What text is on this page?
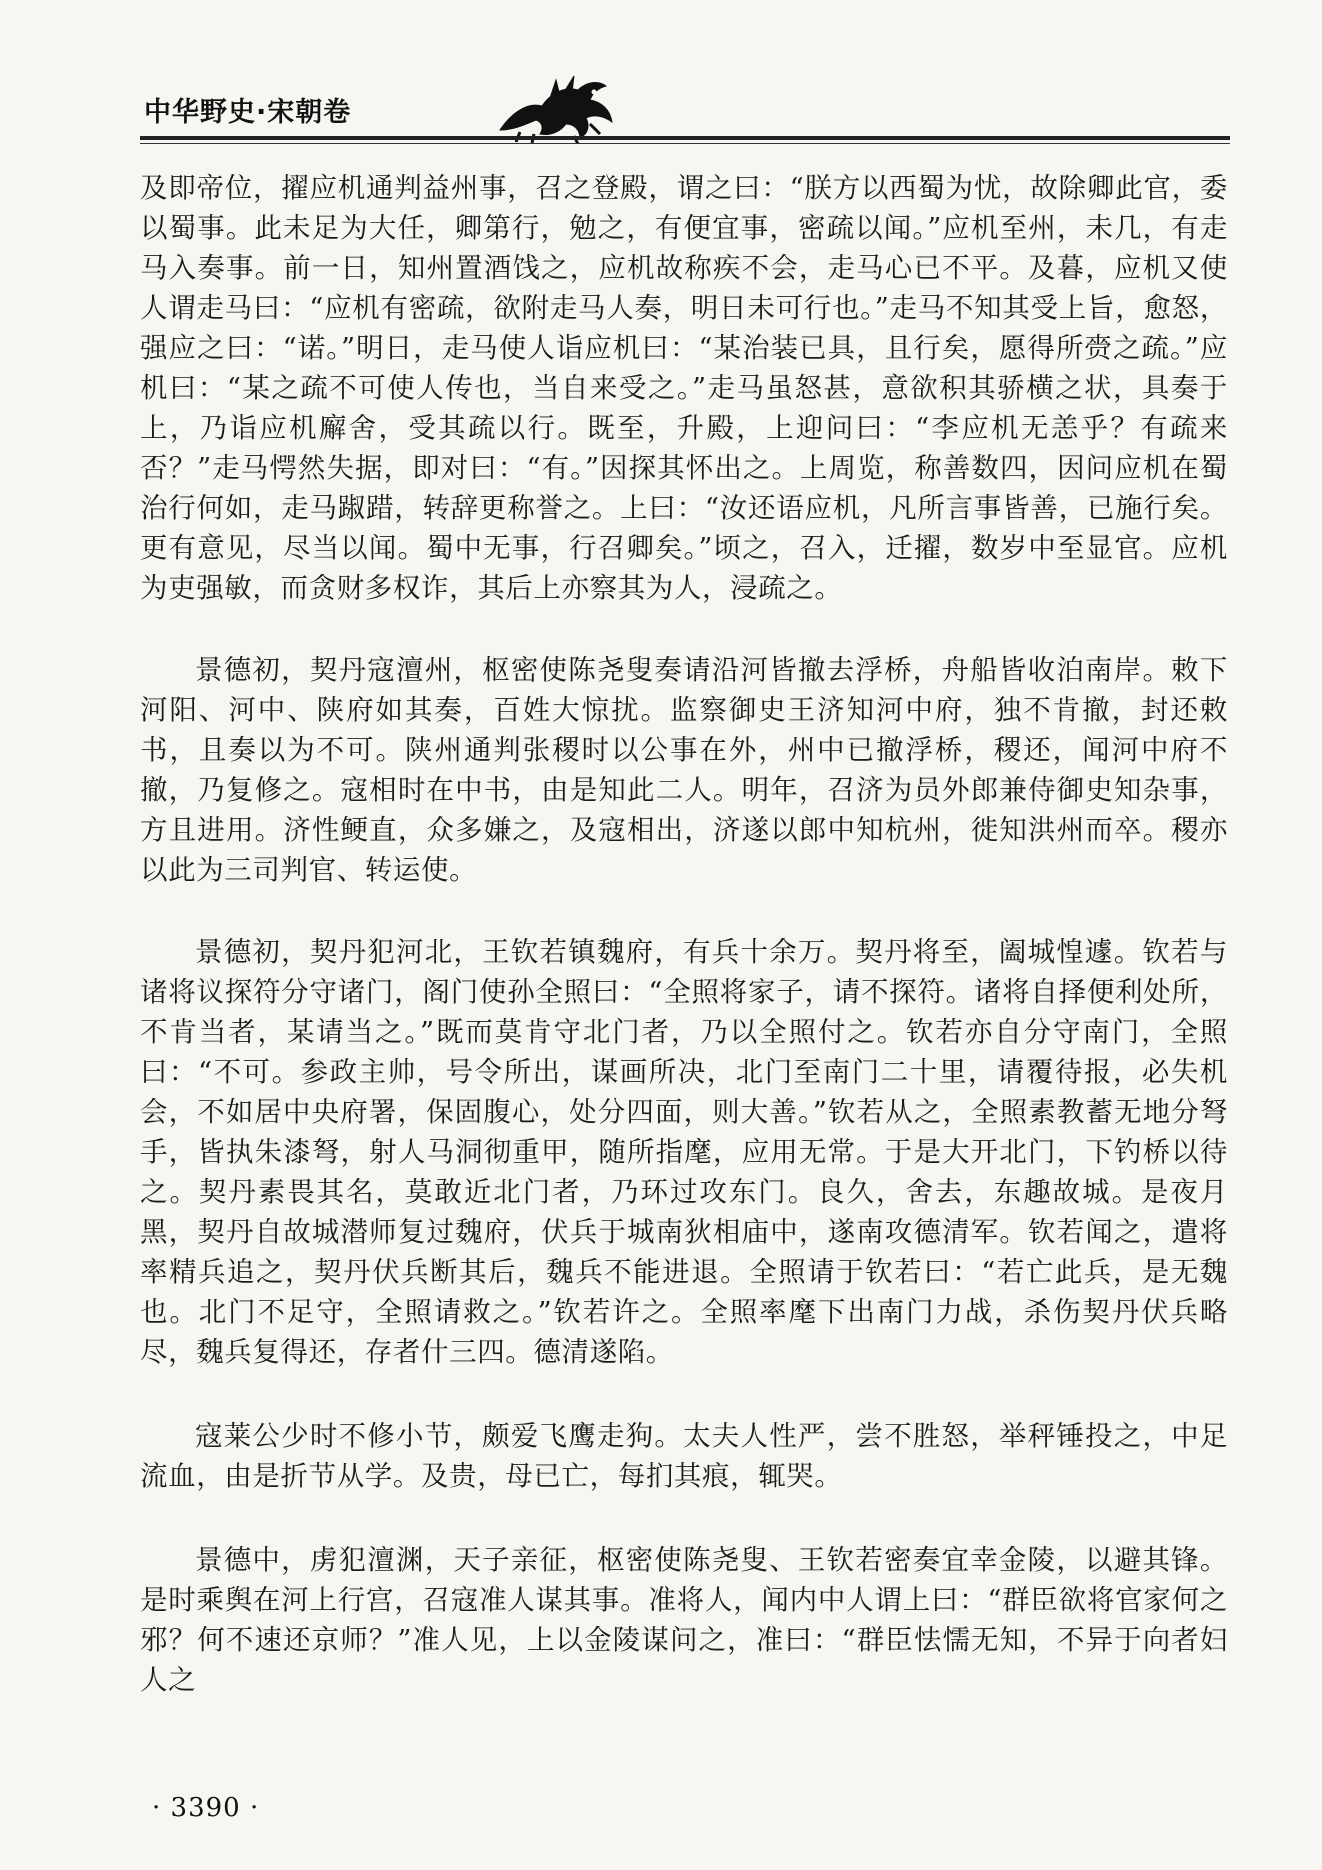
中华野史·宋朝卷

及即帝位，擢应机通判益州事，召之登殿，谓之曰：“朕方以西蜀为忧，故除卿此官，委以蜀事。此未足为大任，卿第行，勉之，有便宜事，密疏以闻。”应机至州，未几，有走马入奏事。前一日，知州置酒饯之，应机故称疾不会，走马心已不平。及暮，应机又使人谓走马曰：“应机有密疏，欲附走马人奏，明日未可行也。”走马不知其受上旨，愈怒，强应之曰：“诺。”明日，走马使人诣应机曰：“某治装已具，且行矣，愿得所赍之疏。”应机曰：“某之疏不可使人传也，当自来受之。”走马虽怒甚，意欲积其骄横之状，具奏于上，乃诣应机廨舍，受其疏以行。既至，升殿，上迎问曰：“李应机无恙乎？有疏来否？”走马愕然失据，即对曰：“有。”因探其怀出之。上周览，称善数四，因问应机在蜀治行何如，走马踧踖，转辞更称誉之。上曰：“汝还语应机，凡所言事皆善，已施行矣。更有意见，尽当以闻。蜀中无事，行召卿矣。”顷之，召入，迁擢，数岁中至显官。应机为吏强敏，而贪财多权诈，其后上亦察其为人，浸疏之。

景德初，契丹寇澶州，枢密使陈尧叟奏请沿河皆撤去浮桥，舟船皆收泊南岸。敕下河阳、河中、陕府如其奏，百姓大惊扰。监察御史王济知河中府，独不肯撤，封还敕书，且奏以为不可。陕州通判张稷时以公事在外，州中已撤浮桥，稷还，闻河中府不撤，乃复修之。寇相时在中书，由是知此二人。明年，召济为员外郎兼侍御史知杂事，方且进用。济性鲠直，众多嫌之，及寇相出，济遂以郎中知杭州，徙知洪州而卒。稷亦以此为三司判官、转运使。

景德初，契丹犯河北，王钦若镇魏府，有兵十余万。契丹将至，阖城惶遽。钦若与诸将议探符分守诸门，阁门使孙全照曰：“全照将家子，请不探符。诸将自择便利处所，不肯当者，某请当之。”既而莫肯守北门者，乃以全照付之。钦若亦自分守南门，全照曰：“不可。参政主帅，号令所出，谋画所决，北门至南门二十里，请覆待报，必失机会，不如居中央府署，保固腹心，处分四面，则大善。”钦若从之，全照素教蓄无地分弩手，皆执朱漆弩，射人马洞彻重甲，随所指麾，应用无常。于是大开北门，下钓桥以待之。契丹素畏其名，莫敢近北门者，乃环过攻东门。良久，舍去，东趣故城。是夜月黑，契丹自故城潜师复过魏府，伏兵于城南狄相庙中，遂南攻德清军。钦若闻之，遣将率精兵追之，契丹伏兵断其后，魏兵不能进退。全照请于钦若曰：“若亡此兵，是无魏也。北门不足守，全照请救之。”钦若许之。全照率麾下出南门力战，杀伤契丹伏兵略尽，魏兵复得还，存者什三四。德清遂陷。

寇莱公少时不修小节，颇爱飞鹰走狗。太夫人性严，尝不胜怒，举秤锤投之，中足流血，由是折节从学。及贵，母已亡，每扪其痕，辄哭。

景德中，虏犯澶渊，天子亲征，枢密使陈尧叟、王钦若密奏宜幸金陵，以避其锋。是时乘舆在河上行宫，召寇准人谋其事。准将人，闻内中人谓上曰：“群臣欲将官家何之邪？何不速还京师？”准人见，上以金陵谋问之，准曰：“群臣怯懦无知，不异于向者妇人之

· 3390 ·
